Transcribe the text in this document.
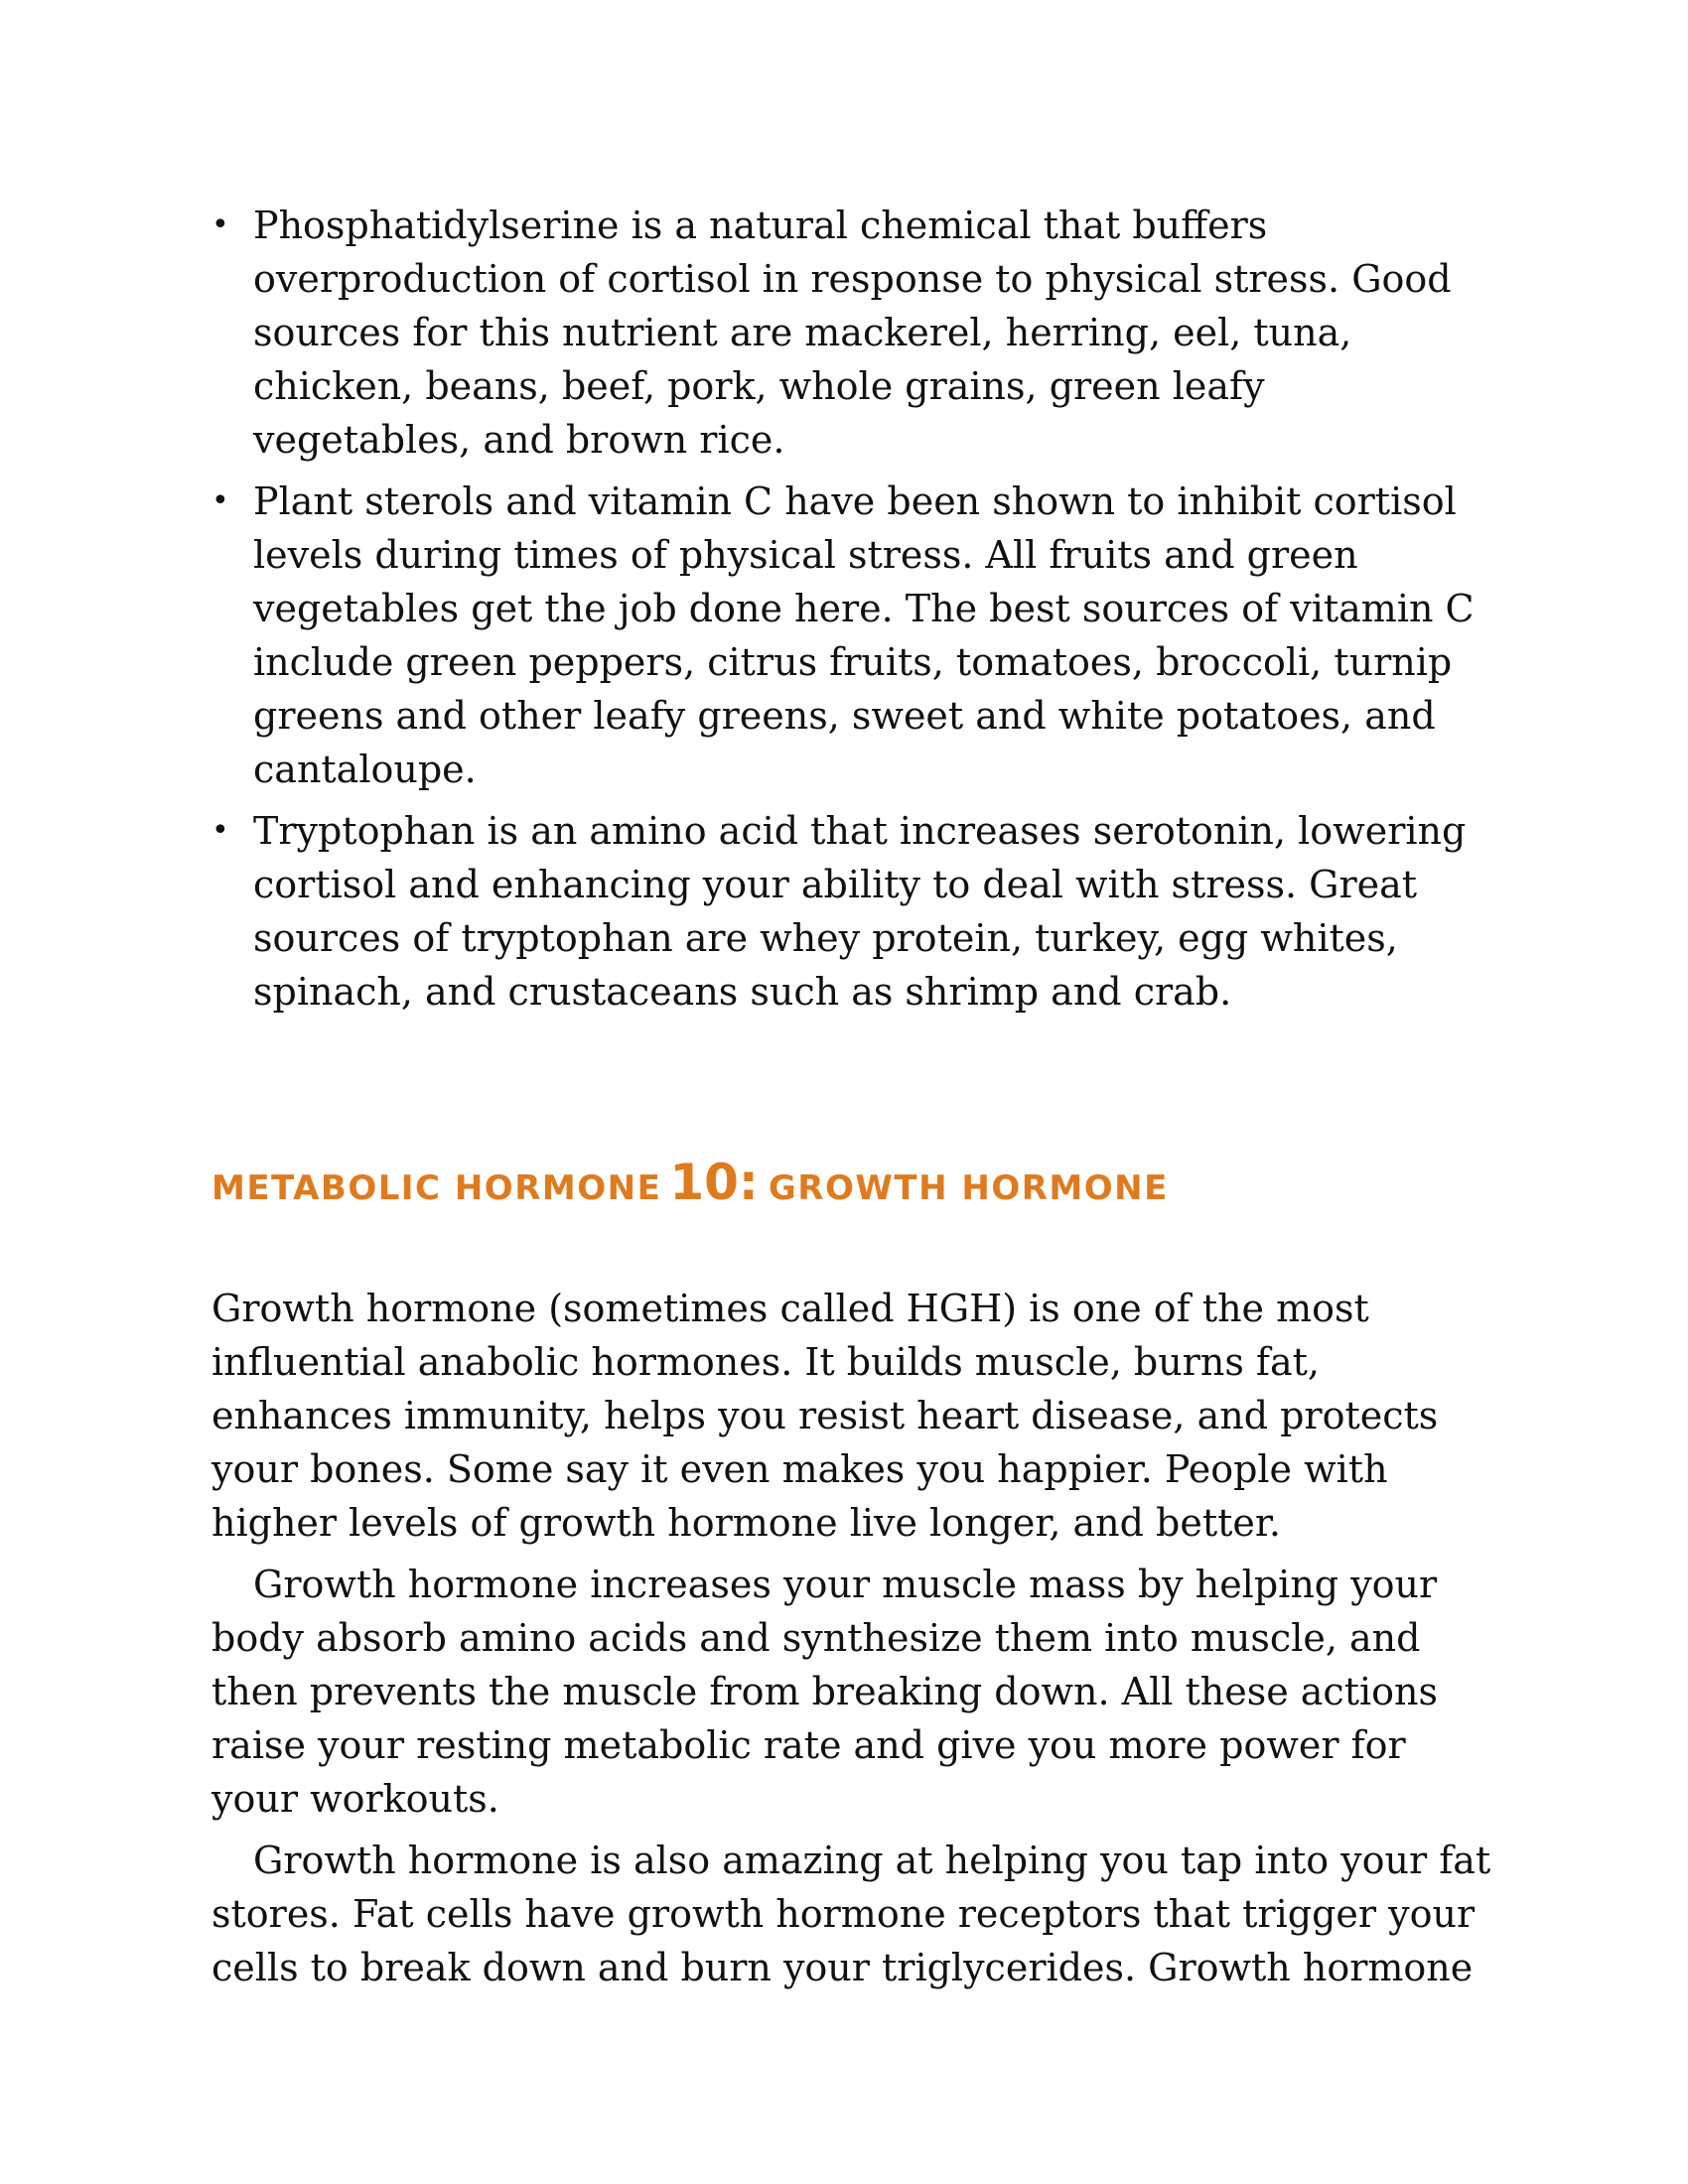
• Phosphatidylserine is a natural chemical that buffers overproduction of cortisol in response to physical stress. Good sources for this nutrient are mackerel, herring, eel, tuna, chicken, beans, beef, pork, whole grains, green leafy vegetables, and brown rice.
• Plant sterols and vitamin C have been shown to inhibit cortisol levels during times of physical stress. All fruits and green vegetables get the job done here. The best sources of vitamin C include green peppers, citrus fruits, tomatoes, broccoli, turnip greens and other leafy greens, sweet and white potatoes, and cantaloupe.
• Tryptophan is an amino acid that increases serotonin, lowering cortisol and enhancing your ability to deal with stress. Great sources of tryptophan are whey protein, turkey, egg whites, spinach, and crustaceans such as shrimp and crab.
METABOLIC HORMONE 10: GROWTH HORMONE

Growth hormone (sometimes called HGH) is one of the most influential anabolic hormones. It builds muscle, burns fat, enhances immunity, helps you resist heart disease, and protects your bones. Some say it even makes you happier. People with higher levels of growth hormone live longer, and better.

Growth hormone increases your muscle mass by helping your body absorb amino acids and synthesize them into muscle, and then prevents the muscle from breaking down. All these actions raise your resting metabolic rate and give you more power for your workouts.

Growth hormone is also amazing at helping you tap into your fat stores. Fat cells have growth hormone receptors that trigger your cells to break down and burn your triglycerides. Growth hormone
